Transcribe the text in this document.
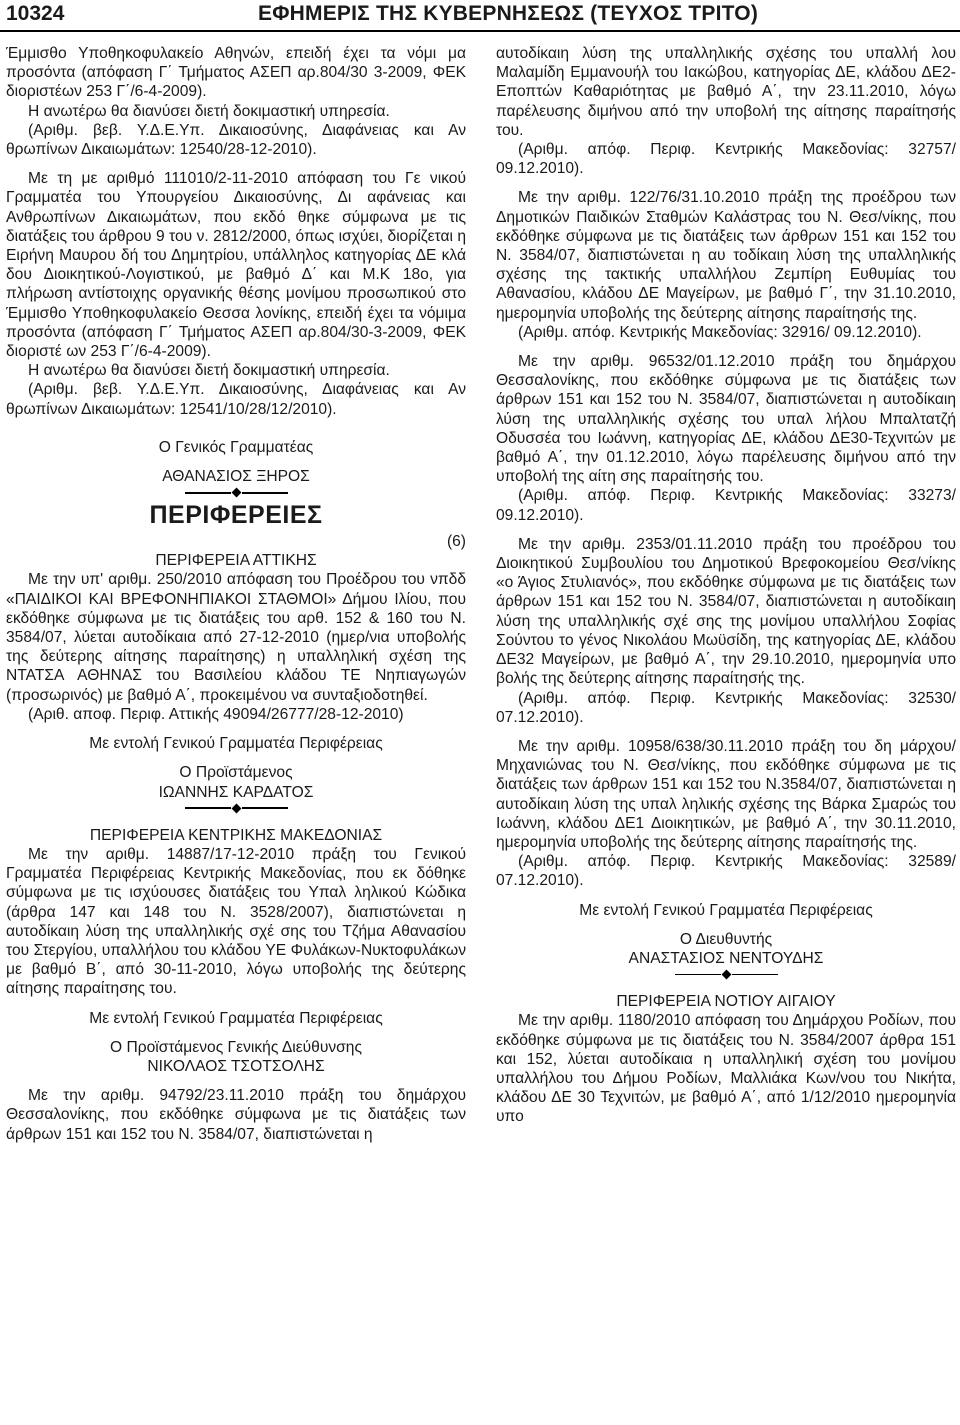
10324	ΕΦΗΜΕΡΙΣ ΤΗΣ ΚΥΒΕΡΝΗΣΕΩΣ (ΤΕΥΧΟΣ ΤΡΙΤΟ)

Έμμισθο Υποθηκοφυλακείο Αθηνών, επειδή έχει τα νόμι μα προσόντα (απόφαση Γ΄ Τμήματος ΑΣΕΠ αρ.804/30 3-2009, ΦΕΚ διοριστέων 253 Γ΄/6-4-2009).

Η ανωτέρω θα διανύσει διετή δοκιμαστική υπηρεσία.

(Αριθμ. βεβ. Υ.Δ.Ε.Υπ. Δικαιοσύνης, Διαφάνειας και Αν θρωπίνων Δικαιωμάτων: 12540/28-12-2010).

Με τη με αριθμό 111010/2-11-2010 απόφαση του Γε νικού Γραμματέα του Υπουργείου Δικαιοσύνης, Δι αφάνειας και Ανθρωπίνων Δικαιωμάτων, που εκδό θηκε σύμφωνα με τις διατάξεις του άρθρου 9 του ν. 2812/2000, όπως ισχύει, διορίζεται η Ειρήνη Μαυρου δή του Δημητρίου, υπάλληλος κατηγορίας ΔΕ κλά δου Διοικητικού-Λογιστικού, με βαθμό Δ΄ και Μ.Κ 18ο, για πλήρωση αντίστοιχης οργανικής θέσης μονίμου προσωπικού στο Έμμισθο Υποθηκοφυλακείο Θεσσα λονίκης, επειδή έχει τα νόμιμα προσόντα (απόφαση Γ΄ Τμήματος ΑΣΕΠ αρ.804/30-3-2009, ΦΕΚ διοριστέ ων 253 Γ΄/6-4-2009).

Η ανωτέρω θα διανύσει διετή δοκιμαστική υπηρεσία.

(Αριθμ. βεβ. Υ.Δ.Ε.Υπ. Δικαιοσύνης, Διαφάνειας και Αν θρωπίνων Δικαιωμάτων: 12541/10/28/12/2010).

Ο Γενικός Γραμματέας

ΑΘΑΝΑΣΙΟΣ ΞΗΡΟΣ

ΠΕΡΙΦΕΡΕΙΕΣ

(6)

ΠΕΡΙΦΕΡΕΙΑ ΑΤΤΙΚΗΣ

Με την υπ' αριθμ. 250/2010 απόφαση του Προέδρου του νπδδ «ΠΑΙΔΙΚΟΙ ΚΑΙ ΒΡΕΦΟΝΗΠΙΑΚΟΙ ΣΤΑΘΜΟΙ» Δήμου Ιλίου, που εκδόθηκε σύμφωνα με τις διατάξεις του αρθ. 152 & 160 του Ν. 3584/07, λύεται αυτοδίκαια από 27-12-2010 (ημερ/νια υποβολής της δεύτερης αίτησης παραίτησης) η υπαλληλική σχέση της ΝΤΑΤΣΑ ΑΘΗΝΑΣ του Βασιλείου κλάδου ΤΕ Νηπιαγωγών (προσωρινός) με βαθμό Α΄, προκειμένου να συνταξιοδοτηθεί.

(Αριθ. αποφ. Περιφ. Αττικής 49094/26777/28-12-2010)

Με εντολή Γενικού Γραμματέα Περιφέρειας

Ο Προϊστάμενος

ΙΩΑΝΝΗΣ ΚΑΡΔΑΤΟΣ

ΠΕΡΙΦΕΡΕΙΑ ΚΕΝΤΡΙΚΗΣ ΜΑΚΕΔΟΝΙΑΣ

Με την αριθμ. 14887/17-12-2010 πράξη του Γενικού Γραμματέα Περιφέρειας Κεντρικής Μακεδονίας, που εκ δόθηκε σύμφωνα με τις ισχύουσες διατάξεις του Υπαλ ληλικού Κώδικα (άρθρα 147 και 148 του Ν. 3528/2007), διαπιστώνεται η αυτοδίκαιη λύση της υπαλληλικής σχέ σης του Τζήμα Αθανασίου του Στεργίου, υπαλλήλου του κλάδου ΥΕ Φυλάκων-Νυκτοφυλάκων με βαθμό Β΄, από 30-11-2010, λόγω υποβολής της δεύτερης αίτησης παραίτησης του.

Με εντολή Γενικού Γραμματέα Περιφέρειας

Ο Προϊστάμενος Γενικής Διεύθυνσης

ΝΙΚΟΛΑΟΣ ΤΣΟΤΣΟΛΗΣ

Με την αριθμ. 94792/23.11.2010 πράξη του δημάρχου Θεσσαλονίκης, που εκδόθηκε σύμφωνα με τις διατάξεις των άρθρων 151 και 152 του Ν. 3584/07, διαπιστώνεται η

αυτοδίκαιη λύση της υπαλληλικής σχέσης του υπαλλή λου Μαλαμίδη Εμμανουήλ του Ιακώβου, κατηγορίας ΔΕ, κλάδου ΔΕ2-Εποπτών Καθαριότητας με βαθμό Α΄, την 23.11.2010, λόγω παρέλευσης διμήνου από την υποβολή της αίτησης παραίτησής του.

(Αριθμ. απόφ. Περιφ. Κεντρικής Μακεδονίας: 32757/ 09.12.2010).

Με την αριθμ. 122/76/31.10.2010 πράξη της προέδρου των Δημοτικών Παιδικών Σταθμών Καλάστρας του Ν. Θεσ/νίκης, που εκδόθηκε σύμφωνα με τις διατάξεις των άρθρων 151 και 152 του Ν. 3584/07, διαπιστώνεται η αυ τοδίκαιη λύση της υπαλληλικής σχέσης της τακτικής υπαλλήλου Ζεμπίρη Ευθυμίας του Αθανασίου, κλάδου ΔΕ Μαγείρων, με βαθμό Γ΄, την 31.10.2010, ημερομηνία υποβολής της δεύτερης αίτησης παραίτησής της.

(Αριθμ. απόφ. Κεντρικής Μακεδονίας: 32916/ 09.12.2010).

Με την αριθμ. 96532/01.12.2010 πράξη του δημάρχου Θεσσαλονίκης, που εκδόθηκε σύμφωνα με τις διατάξεις των άρθρων 151 και 152 του Ν. 3584/07, διαπιστώνεται η αυτοδίκαιη λύση της υπαλληλικής σχέσης του υπαλ λήλου Μπαλτατζή Οδυσσέα του Ιωάννη, κατηγορίας ΔΕ, κλάδου ΔΕ30-Τεχνιτών με βαθμό Α΄, την 01.12.2010, λόγω παρέλευσης διμήνου από την υποβολή της αίτη σης παραίτησής του.

(Αριθμ. απόφ. Περιφ. Κεντρικής Μακεδονίας: 33273/ 09.12.2010).

Με την αριθμ. 2353/01.11.2010 πράξη του προέδρου του Διοικητικού Συμβουλίου του Δημοτικού Βρεφοκομείου Θεσ/νίκης «ο Άγιος Στυλιανός», που εκδόθηκε σύμφωνα με τις διατάξεις των άρθρων 151 και 152 του Ν. 3584/07, διαπιστώνεται η αυτοδίκαιη λύση της υπαλληλικής σχέ σης της μονίμου υπαλλήλου Σοφίας Σούντου το γένος Νικολάου Μωϋσίδη, της κατηγορίας ΔΕ, κλάδου ΔΕ32 Μαγείρων, με βαθμό Α΄, την 29.10.2010, ημερομηνία υπο βολής της δεύτερης αίτησης παραίτησής της.

(Αριθμ. απόφ. Περιφ. Κεντρικής Μακεδονίας: 32530/ 07.12.2010).

Με την αριθμ. 10958/638/30.11.2010 πράξη του δη μάρχου/Μηχανιώνας του Ν. Θεσ/νίκης, που εκδόθηκε σύμφωνα με τις διατάξεις των άρθρων 151 και 152 του Ν.3584/07, διαπιστώνεται η αυτοδίκαιη λύση της υπαλ ληλικής σχέσης της Βάρκα Σμαρώς του Ιωάννη, κλάδου ΔΕ1 Διοικητικών, με βαθμό Α΄, την 30.11.2010, ημερομηνία υποβολής της δεύτερης αίτησης παραίτησής της.

(Αριθμ. απόφ. Περιφ. Κεντρικής Μακεδονίας: 32589/ 07.12.2010).

Με εντολή Γενικού Γραμματέα Περιφέρειας

Ο Διευθυντής

ΑΝΑΣΤΑΣΙΟΣ ΝΕΝΤΟΥΔΗΣ

ΠΕΡΙΦΕΡΕΙΑ ΝΟΤΙΟΥ ΑΙΓΑΙΟΥ

Με την αριθμ. 1180/2010 απόφαση του Δημάρχου Ροδίων, που εκδόθηκε σύμφωνα με τις διατάξεις του Ν. 3584/2007 άρθρα 151 και 152, λύεται αυτοδίκαια η υπαλληλική σχέση του μονίμου υπαλλήλου του Δήμου Ροδίων, Μαλλιάκα Κων/νου του Νικήτα, κλάδου ΔΕ 30 Τεχνιτών, με βαθμό Α΄, από 1/12/2010 ημερομηνία υπο
